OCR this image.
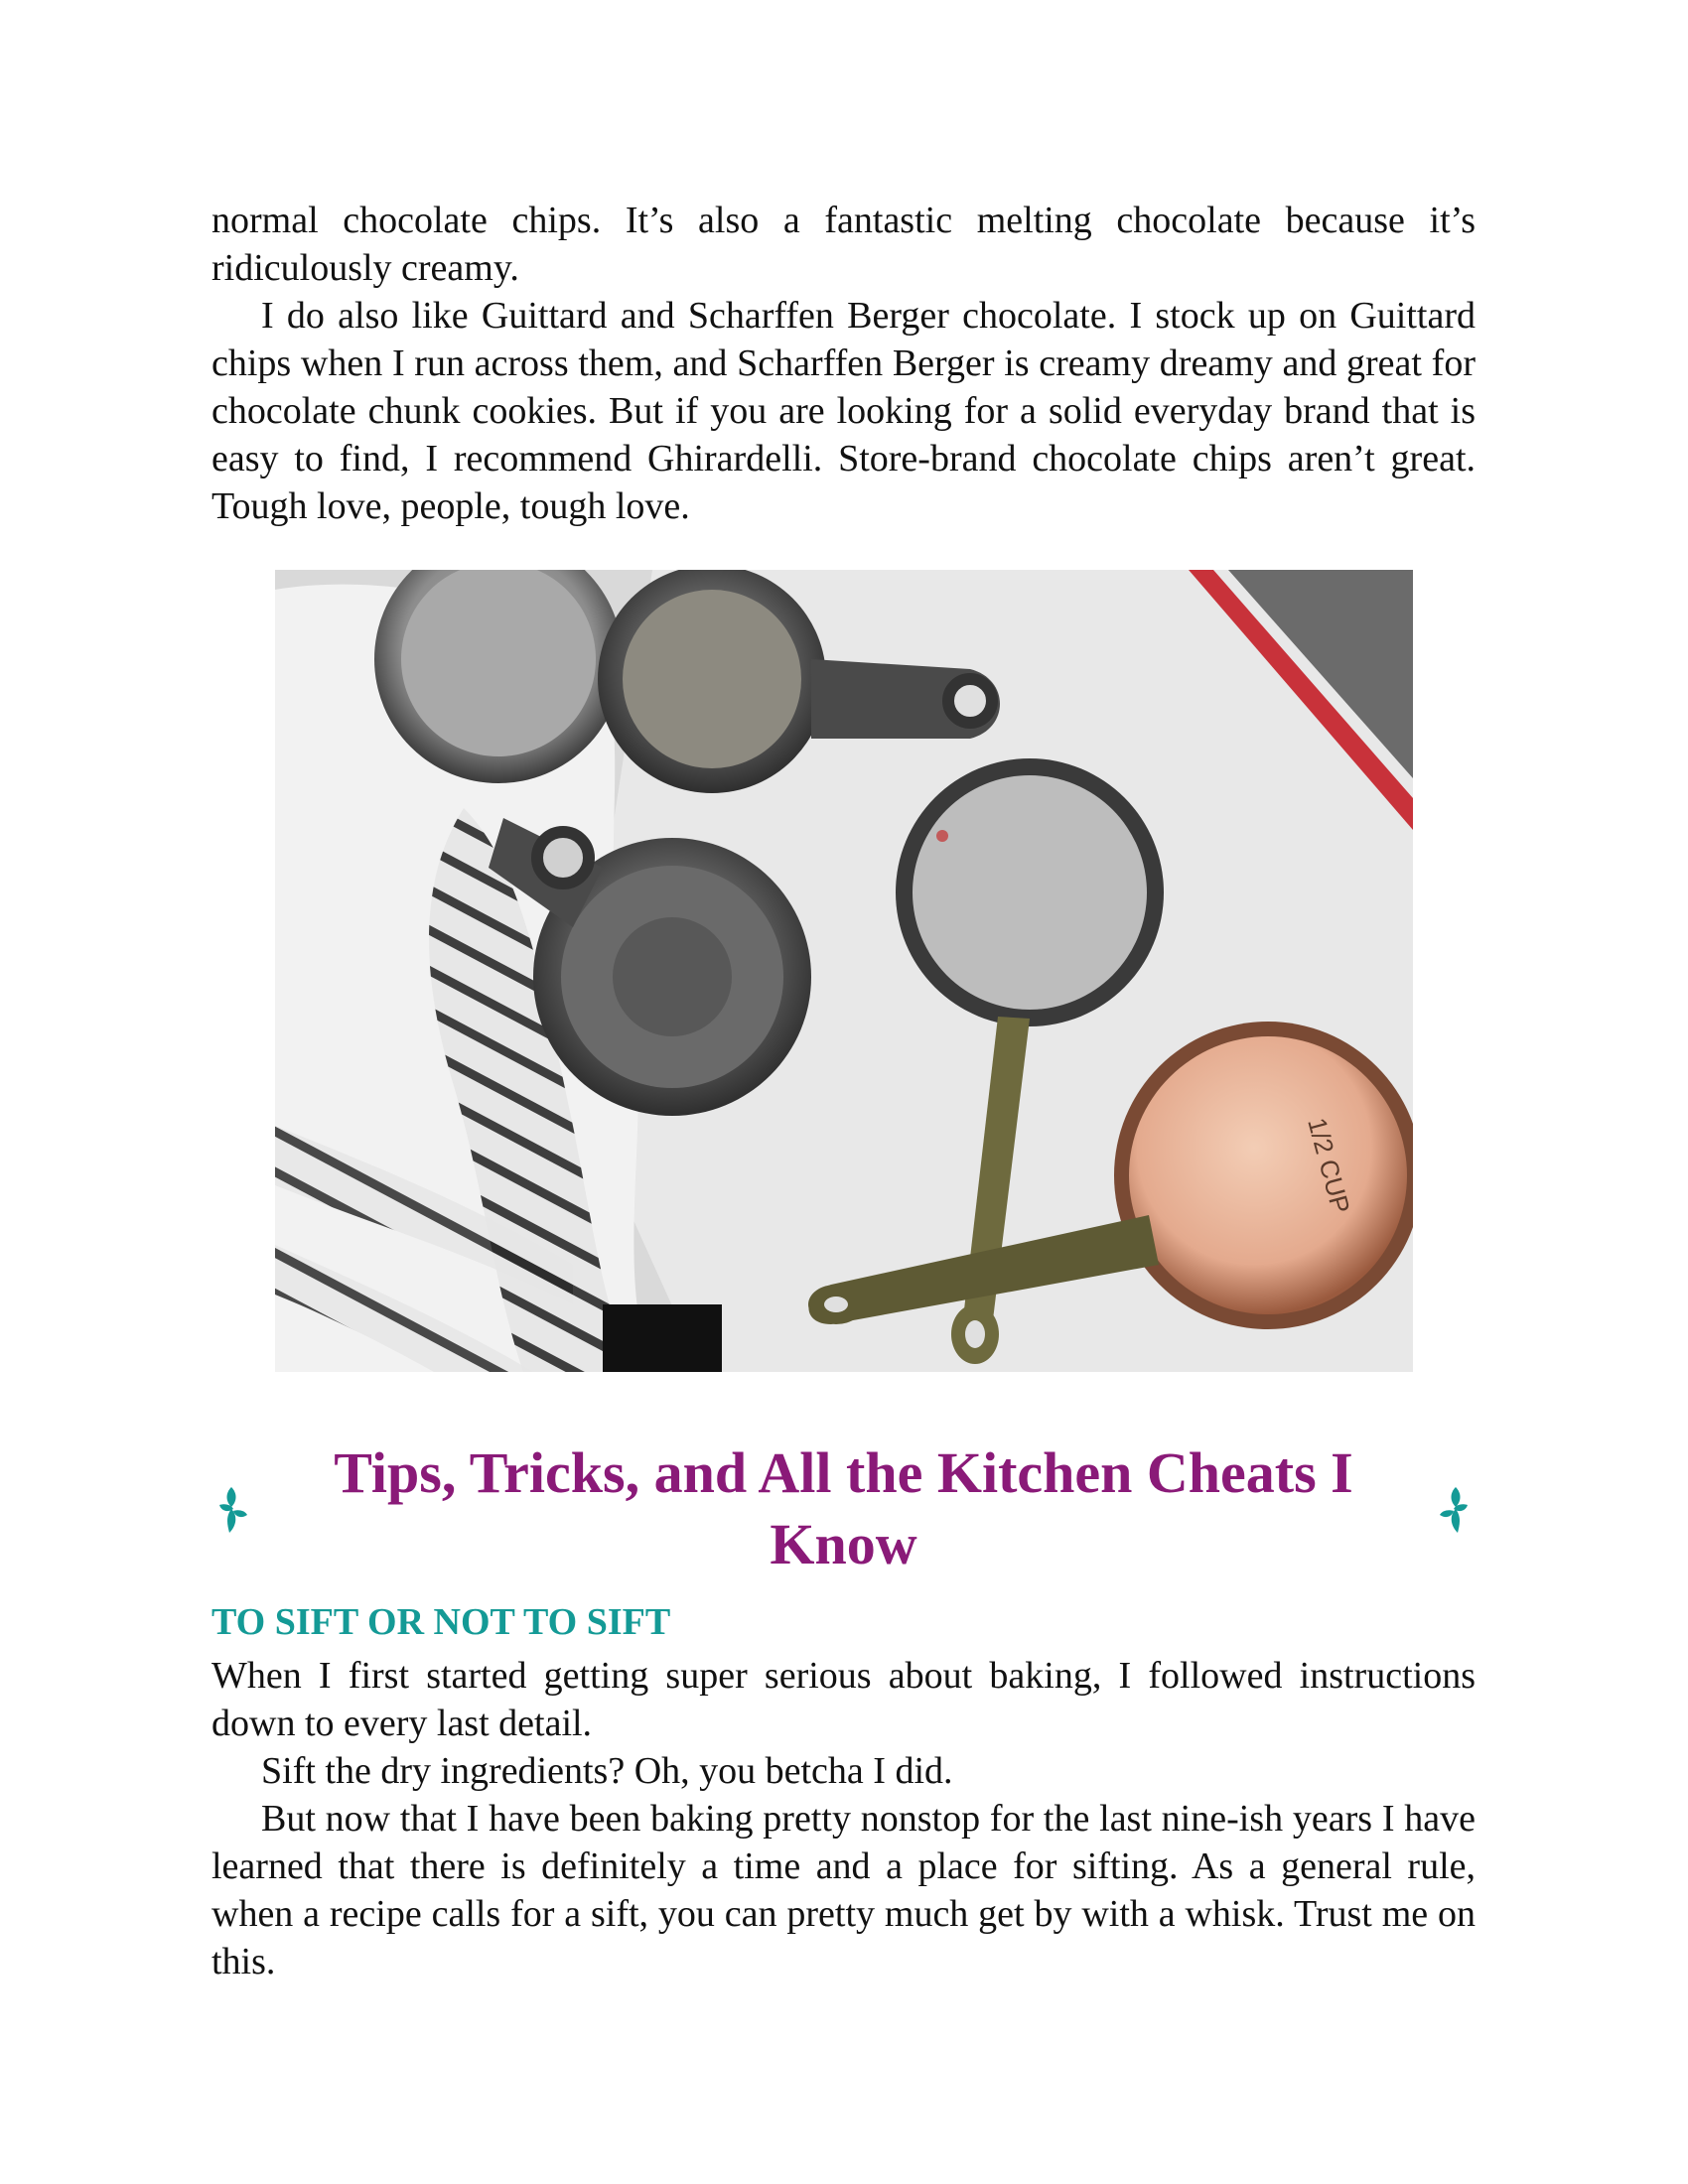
normal chocolate chips. It’s also a fantastic melting chocolate because it’s ridiculously creamy.

I do also like Guittard and Scharffen Berger chocolate. I stock up on Guittard chips when I run across them, and Scharffen Berger is creamy dreamy and great for chocolate chunk cookies. But if you are looking for a solid everyday brand that is easy to find, I recommend Ghirardelli. Store-brand chocolate chips aren’t great. Tough love, people, tough love.

1/2 CUP
Tips, Tricks, and All the Kitchen Cheats I Know
TO SIFT OR NOT TO SIFT

When I first started getting super serious about baking, I followed instructions down to every last detail.

Sift the dry ingredients? Oh, you betcha I did.

But now that I have been baking pretty nonstop for the last nine-ish years I have learned that there is definitely a time and a place for sifting. As a general rule, when a recipe calls for a sift, you can pretty much get by with a whisk. Trust me on this.
